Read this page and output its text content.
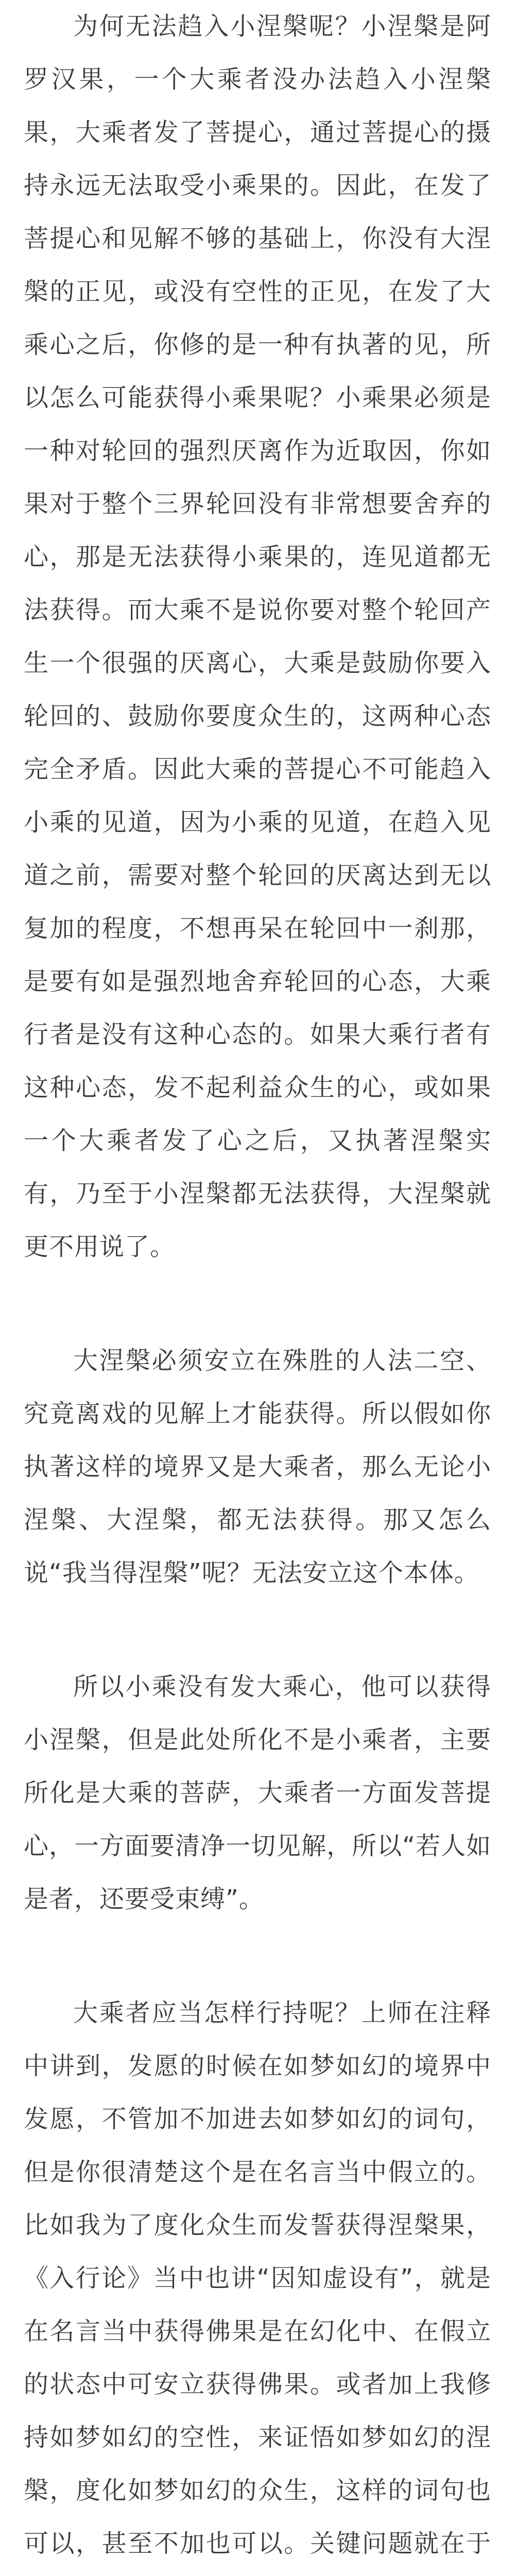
为何无法趋入小涅槃呢？小涅槃是阿罗汉果，一个大乘者没办法趋入小涅槃果，大乘者发了菩提心，通过菩提心的摄持永远无法取受小乘果的。因此，在发了菩提心和见解不够的基础上，你没有大涅槃的正见，或没有空性的正见，在发了大乘心之后，你修的是一种有执著的见，所以怎么可能获得小乘果呢？小乘果必须是一种对轮回的强烈厌离作为近取因，你如果对于整个三界轮回没有非常想要舍弃的心，那是无法获得小乘果的，连见道都无法获得。而大乘不是说你要对整个轮回产生一个很强的厌离心，大乘是鼓励你要入轮回的、鼓励你要度众生的，这两种心态完全矛盾。因此大乘的菩提心不可能趋入小乘的见道，因为小乘的见道，在趋入见道之前，需要对整个轮回的厌离达到无以复加的程度，不想再呆在轮回中一刹那，是要有如是强烈地舍弃轮回的心态，大乘行者是没有这种心态的。如果大乘行者有这种心态，发不起利益众生的心，或如果一个大乘者发了心之后，又执著涅槃实有，乃至于小涅槃都无法获得，大涅槃就更不用说了。

大涅槃必须安立在殊胜的人法二空、究竟离戏的见解上才能获得。所以假如你执著这样的境界又是大乘者，那么无论小涅槃、大涅槃，都无法获得。那又怎么说“我当得涅槃”呢？无法安立这个本体。

所以小乘没有发大乘心，他可以获得小涅槃，但是此处所化不是小乘者，主要所化是大乘的菩萨，大乘者一方面发菩提心，一方面要清净一切见解，所以“若人如是者，还要受束缚”。

大乘者应当怎样行持呢？上师在注释中讲到，发愿的时候在如梦如幻的境界中发愿，不管加不加进去如梦如幻的词句，但是你很清楚这个是在名言当中假立的。比如我为了度化众生而发誓获得涅槃果，《入行论》当中也讲“因知虚设有”，就是在名言当中获得佛果是在幻化中、在假立的状态中可安立获得佛果。或者加上我修持如梦如幻的空性，来证悟如梦如幻的涅槃，度化如梦如幻的众生，这样的词句也可以，甚至不加也可以。关键问题就在于
